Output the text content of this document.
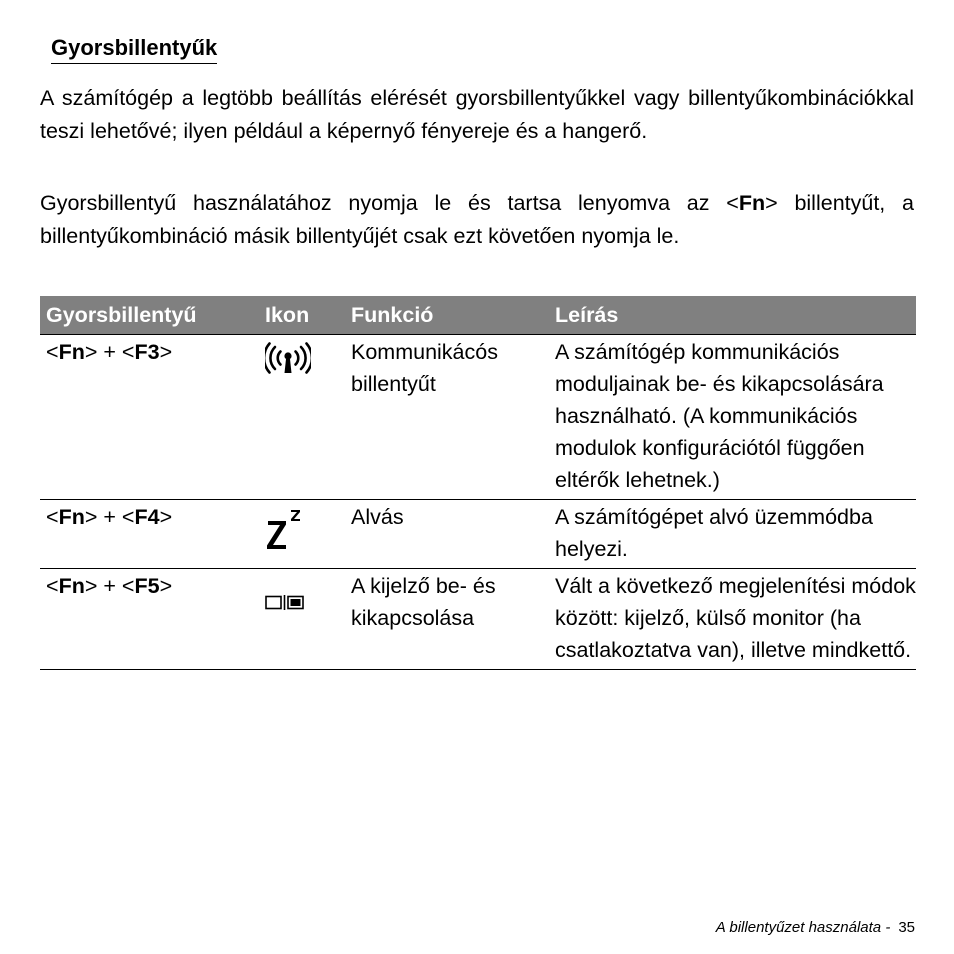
Gyorsbillentyűk

A számítógép a legtöbb beállítás elérését gyorsbillentyűkkel vagy billentyűkombinációkkal teszi lehetővé; ilyen például a képernyő fényereje és a hangerő.

Gyorsbillentyű használatához nyomja le és tartsa lenyomva az <Fn> billentyűt, a billentyűkombináció másik billentyűjét csak ezt követően nyomja le.

Gyorsbillentyű	Ikon	Funkció	Leírás
<Fn> + <F3>		Kommunikácós billentyűt	A számítógép kommunikációs moduljainak be- és kikapcsolására használható. (A kommunikációs modulok konfigurációtól függően eltérők lehetnek.)
<Fn> + <F4>		Alvás	A számítógépet alvó üzemmódba helyezi.
<Fn> + <F5>		A kijelző be- és kikapcsolása	Vált a következő megjelenítési módok között: kijelző, külső monitor (ha csatlakoztatva van), illetve mindkettő.
A billentyűzet használata - 35
